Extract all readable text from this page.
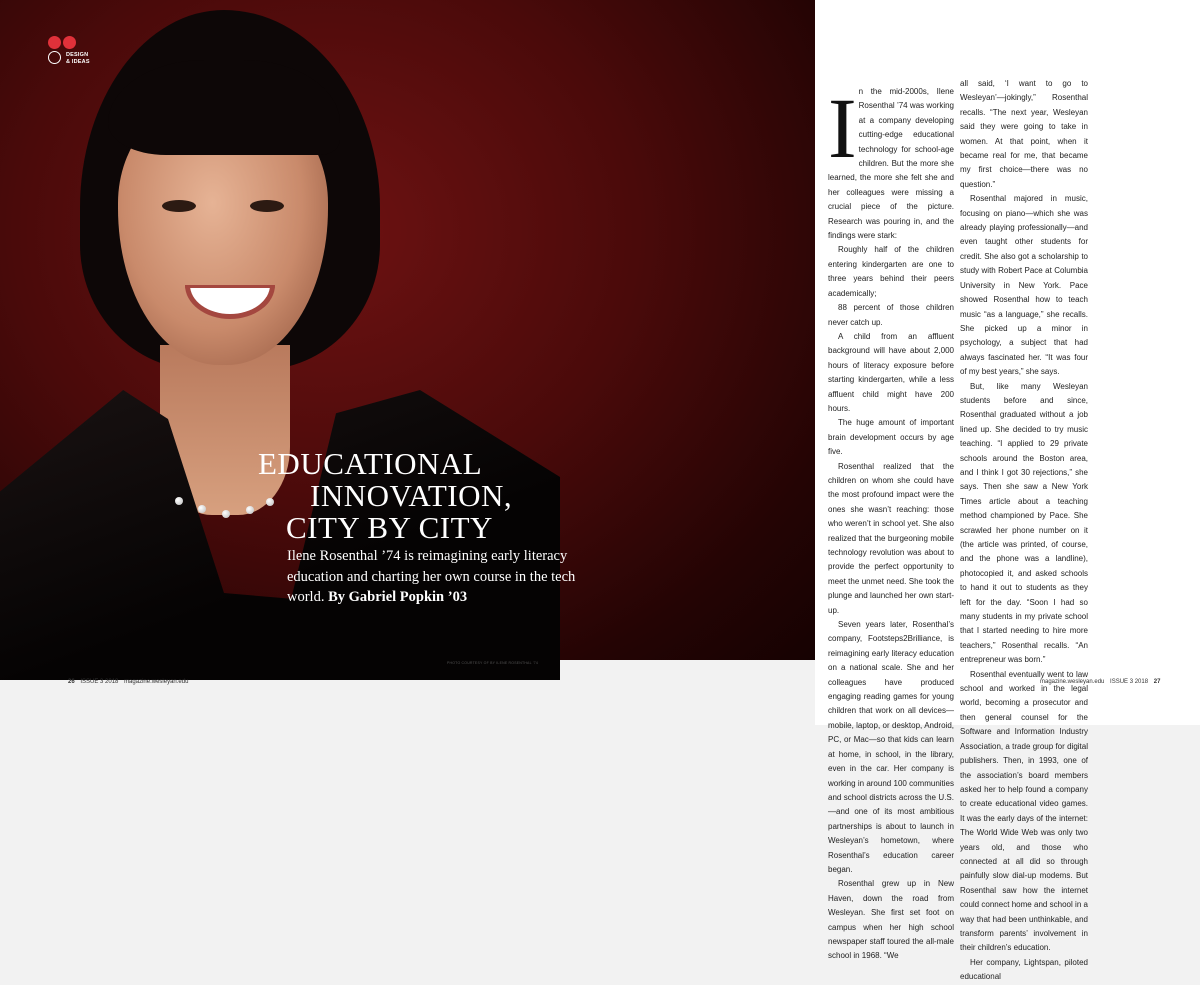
DESIGN
& IDEAS
EDUCATIONAL
INNOVATION,
CITY BY CITY
Ilene Rosenthal ’74 is reimagining early literacy education and charting her own course in the tech world. By Gabriel Popkin ’03
PHOTO COURTESY OF BY ILENE ROSENTHAL ’74
26 ISSUE 3 2018 magazine.wesleyan.edu
I n the mid-2000s, Ilene Rosenthal ’74 was working at a company developing cutting-edge educational technology for school-age children. But the more she learned, the more she felt she and her colleagues were missing a crucial piece of the picture. Research was pouring in, and the findings were stark:

Roughly half of the children entering kindergarten are one to three years behind their peers academically;

88 percent of those children never catch up.

A child from an affluent background will have about 2,000 hours of literacy exposure before starting kindergarten, while a less affluent child might have 200 hours.

The huge amount of important brain development occurs by age five.

Rosenthal realized that the children on whom she could have the most profound impact were the ones she wasn’t reaching: those who weren’t in school yet. She also realized that the burgeoning mobile technology revolution was about to provide the perfect opportunity to meet the unmet need. She took the plunge and launched her own start-up.

Seven years later, Rosenthal’s company, Footsteps2Brilliance, is reimagining early literacy education on a national scale. She and her colleagues have produced engaging reading games for young children that work on all devices—mobile, laptop, or desktop, Android, PC, or Mac—so that kids can learn at home, in school, in the library, even in the car. Her company is working in around 100 communities and school districts across the U.S.—and one of its most ambitious partnerships is about to launch in Wesleyan’s hometown, where Rosenthal’s education career began.

Rosenthal grew up in New Haven, down the road from Wesleyan. She first set foot on campus when her high school newspaper staff toured the all-male school in 1968. “We

all said, ‘I want to go to Wesleyan’—jokingly,” Rosenthal recalls. “The next year, Wesleyan said they were going to take in women. At that point, when it became real for me, that became my first choice—there was no question.”

Rosenthal majored in music, focusing on piano—which she was already playing professionally—and even taught other students for credit. She also got a scholarship to study with Robert Pace at Columbia University in New York. Pace showed Rosenthal how to teach music “as a language,” she recalls. She picked up a minor in psychology, a subject that had always fascinated her. “It was four of my best years,” she says.

But, like many Wesleyan students before and since, Rosenthal graduated without a job lined up. She decided to try music teaching. “I applied to 29 private schools around the Boston area, and I think I got 30 rejections,” she says. Then she saw a New York Times article about a teaching method championed by Pace. She scrawled her phone number on it (the article was printed, of course, and the phone was a landline), photocopied it, and asked schools to hand it out to students as they left for the day. “Soon I had so many students in my private school that I started needing to hire more teachers,” Rosenthal recalls. “An entrepreneur was born.”

Rosenthal eventually went to law school and worked in the legal world, becoming a prosecutor and then general counsel for the Software and Information Industry Association, a trade group for digital publishers. Then, in 1993, one of the association’s board members asked her to help found a company to create educational video games. It was the early days of the internet: The World Wide Web was only two years old, and those who connected at all did so through painfully slow dial-up modems. But Rosenthal saw how the internet could connect home and school in a way that had been unthinkable, and transform parents’ involvement in their children’s education.

Her company, Lightspan, piloted educational

magazine.wesleyan.edu ISSUE 3 2018 27
